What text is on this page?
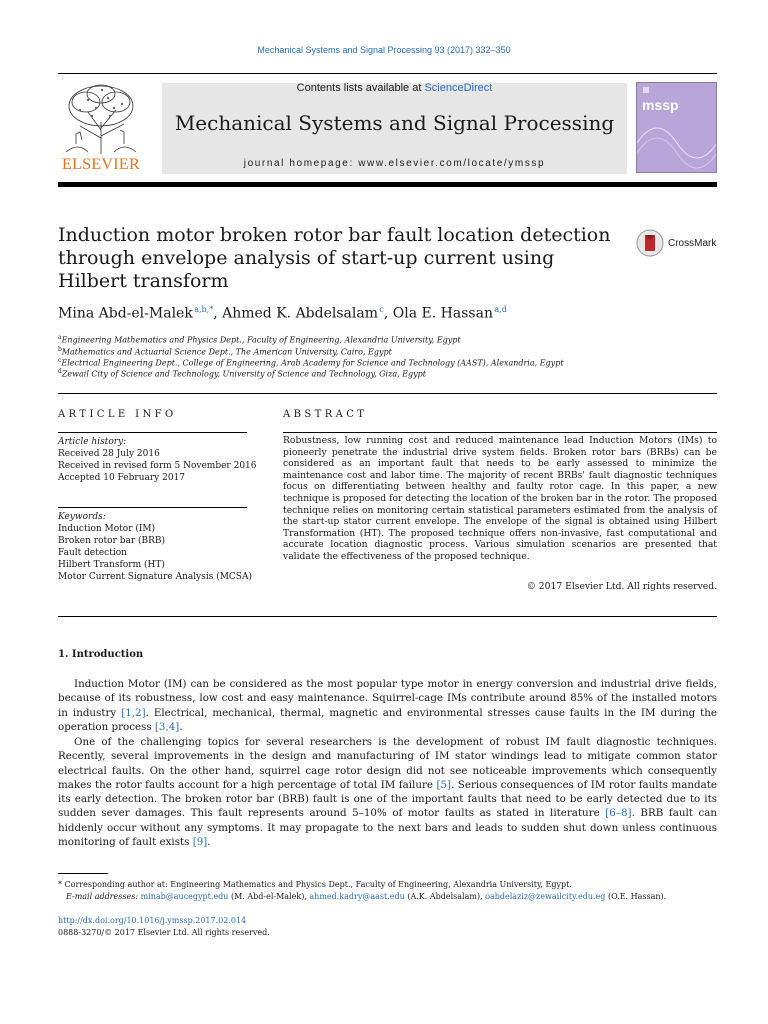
Mechanical Systems and Signal Processing 93 (2017) 332–350
ELSEVIER
Contents lists available at ScienceDirect
Mechanical Systems and Signal Processing
journal homepage: www.elsevier.com/locate/ymssp
mssp
Induction motor broken rotor bar fault location detection through envelope analysis of start-up current using Hilbert transform
CrossMark
Mina Abd-el-Malek $^{a,b,*}$, Ahmed K. Abdelsalam $^c$, Ola E. Hassan $^{a,d}$
$^a$Engineering Mathematics and Physics Dept., Faculty of Engineering, Alexandria University, Egypt
$^b$Mathematics and Actuarial Science Dept., The American University, Cairo, Egypt
$^c$Electrical Engineering Dept., College of Engineering, Arab Academy for Science and Technology (AAST), Alexandria, Egypt
$^d$Zewail City of Science and Technology, University of Science and Technology, Giza, Egypt
ARTICLE INFO
Article history:
Received 28 July 2016
Received in revised form 5 November 2016
Accepted 10 February 2017
Keywords:
Induction Motor (IM)
Broken rotor bar (BRB)
Fault detection
Hilbert Transform (HT)
Motor Current Signature Analysis (MCSA)
ABSTRACT
Robustness, low running cost and reduced maintenance lead Induction Motors (IMs) to pioneerly penetrate the industrial drive system fields. Broken rotor bars (BRBs) can be considered as an important fault that needs to be early assessed to minimize the maintenance cost and labor time. The majority of recent BRBs' fault diagnostic techniques focus on differentiating between healthy and faulty rotor cage. In this paper, a new technique is proposed for detecting the location of the broken bar in the rotor. The proposed technique relies on monitoring certain statistical parameters estimated from the analysis of the start-up stator current envelope. The envelope of the signal is obtained using Hilbert Transformation (HT). The proposed technique offers non-invasive, fast computational and accurate location diagnostic process. Various simulation scenarios are presented that validate the effectiveness of the proposed technique.
© 2017 Elsevier Ltd. All rights reserved.
1. Introduction
Induction Motor (IM) can be considered as the most popular type motor in energy conversion and industrial drive fields, because of its robustness, low cost and easy maintenance. Squirrel-cage IMs contribute around 85% of the installed motors in industry [1,2]. Electrical, mechanical, thermal, magnetic and environmental stresses cause faults in the IM during the operation process [3,4].
One of the challenging topics for several researchers is the development of robust IM fault diagnostic techniques. Recently, several improvements in the design and manufacturing of IM stator windings lead to mitigate common stator electrical faults. On the other hand, squirrel cage rotor design did not see noticeable improvements which consequently makes the rotor faults account for a high percentage of total IM failure [5]. Serious consequences of IM rotor faults mandate its early detection. The broken rotor bar (BRB) fault is one of the important faults that need to be early detected due to its sudden sever damages. This fault represents around 5–10% of motor faults as stated in literature [6–8]. BRB fault can hiddenly occur without any symptoms. It may propagate to the next bars and leads to sudden shut down unless continuous monitoring of fault exists [9].
* Corresponding author at: Engineering Mathematics and Physics Dept., Faculty of Engineering, Alexandria University, Egypt.
E-mail addresses: minab@aucegypt.edu (M. Abd-el-Malek), ahmed.kadry@aast.edu (A.K. Abdelsalam), oabdelaziz@zewailcity.edu.eg (O.E. Hassan).
http://dx.doi.org/10.1016/j.ymssp.2017.02.014
0888-3270/© 2017 Elsevier Ltd. All rights reserved.
